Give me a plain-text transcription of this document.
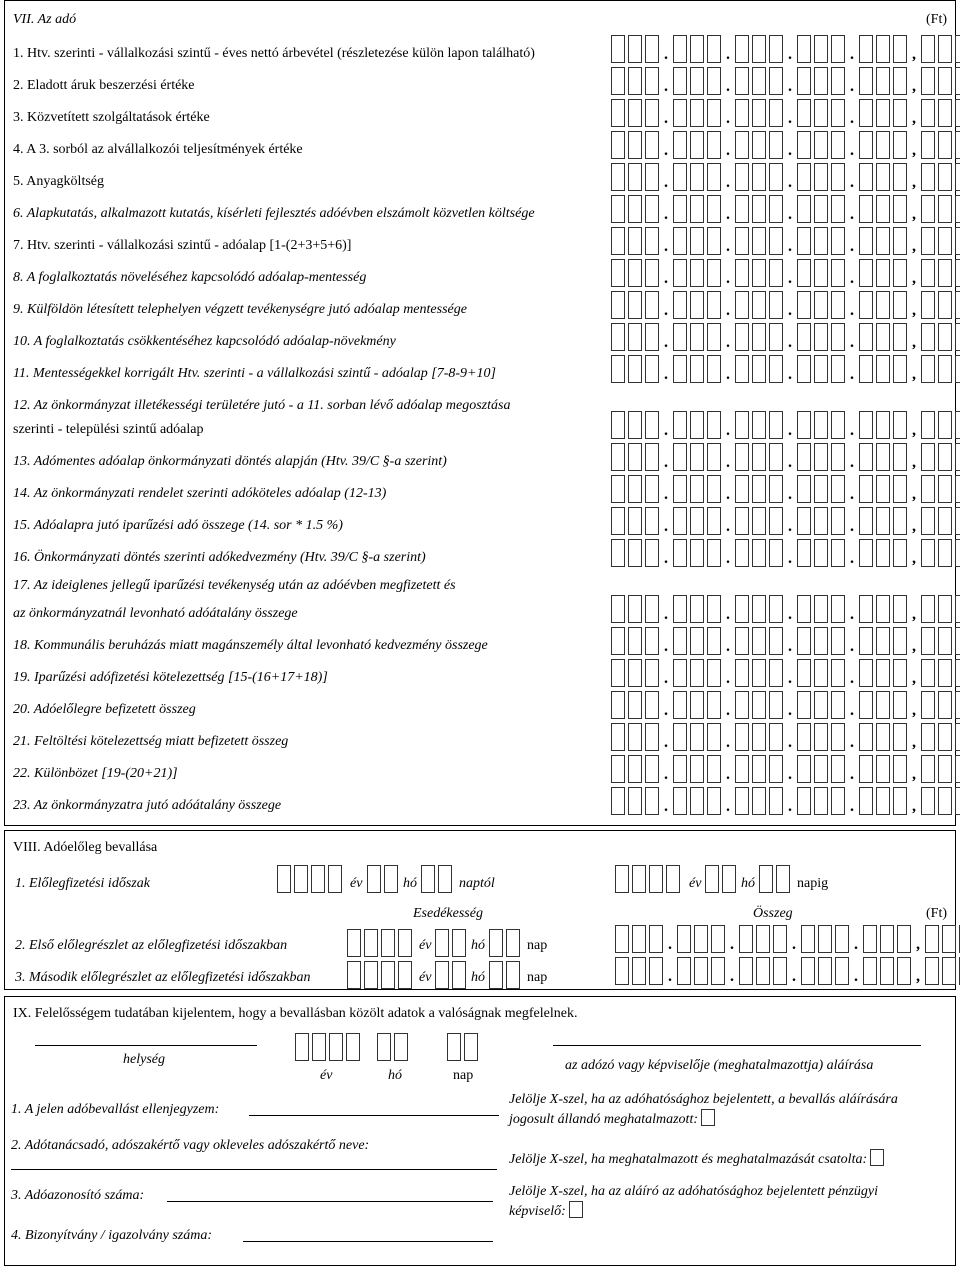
VII. Az adó	(Ft)
1. Htv. szerinti - vállalkozási szintű - éves nettó árbevétel (részletezése külön lapon található)	.	.	.	.	,
2. Eladott áruk beszerzési értéke	.	.	.	.	,
3. Közvetített szolgáltatások értéke	.	.	.	.	,
4. A 3. sorból az alvállalkozói teljesítmények értéke	.	.	.	.	,
5. Anyagköltség	.	.	.	.	,
6. Alapkutatás, alkalmazott kutatás, kísérleti fejlesztés adóévben elszámolt közvetlen költsége	.	.	.	.	,
7. Htv. szerinti - vállalkozási szintű - adóalap [1-(2+3+5+6)]	.	.	.	.	,
8. A foglalkoztatás növeléséhez kapcsolódó adóalap-mentesség	.	.	.	.	,
9. Külföldön létesített telephelyen végzett tevékenységre jutó adóalap mentessége	.	.	.	.	,
10. A foglalkoztatás csökkentéséhez kapcsolódó adóalap-növekmény	.	.	.	.	,
11. Mentességekkel korrigált Htv. szerinti - a vállalkozási szintű - adóalap [7-8-9+10]	.	.	.	.	,
12. Az önkormányzat illetékességi területére jutó - a 11. sorban lévő adóalap megosztása
szerinti - települési szintű adóalap	.	.	.	.	,
13. Adómentes adóalap önkormányzati döntés alapján (Htv. 39/C §-a szerint)	.	.	.	.	,
14. Az önkormányzati rendelet szerinti adóköteles adóalap (12-13)	.	.	.	.	,
15. Adóalapra jutó iparűzési adó összege (14. sor * 1.5 %)	.	.	.	.	,
16. Önkormányzati döntés szerinti adókedvezmény (Htv. 39/C §-a szerint)	.	.	.	.	,
17. Az ideiglenes jellegű iparűzési tevékenység után az adóévben megfizetett és
az önkormányzatnál levonható adóátalány összege	.	.	.	.	,
18. Kommunális beruházás miatt magánszemély által levonható kedvezmény összege	.	.	.	.	,
19. Iparűzési adófizetési kötelezettség [15-(16+17+18)]	.	.	.	.	,
20. Adóelőlegre befizetett összeg	.	.	.	.	,
21. Feltöltési kötelezettség miatt befizetett összeg	.	.	.	.	,
22. Különbözet [19-(20+21)]	.	.	.	.	,
23. Az önkormányzatra jutó adóátalány összege	.	.	.	.	,
VIII. Adóelőleg bevallása
1. Előlegfizetési időszak	év	hó	naptól	év	hó	napig
Esedékesség	Összeg	(Ft)
2. Első előlegrészlet az előlegfizetési időszakban	év	hó	nap	.	.	.	.	,
3. Második előlegrészlet az előlegfizetési időszakban	év	hó	nap	.	.	.	.	,
IX. Felelősségem tudatában kijelentem, hogy a bevallásban közölt adatok a valóságnak megfelelnek.
helység
év	hó	nap
az adózó vagy képviselője (meghatalmazottja) aláírása
1. A jelen adóbevallást ellenjegyzem:
2. Adótanácsadó, adószakértő vagy okleveles adószakértő neve:
3. Adóazonosító száma:
4. Bizonyítvány / igazolvány száma:
Jelölje X-szel, ha az adóhatósághoz bejelentett, a bevallás aláírására
jogosult állandó meghatalmazott:
Jelölje X-szel, ha meghatalmazott és meghatalmazását csatolta:
Jelölje X-szel, ha az aláíró az adóhatósághoz bejelentett pénzügyi
képviselő:
